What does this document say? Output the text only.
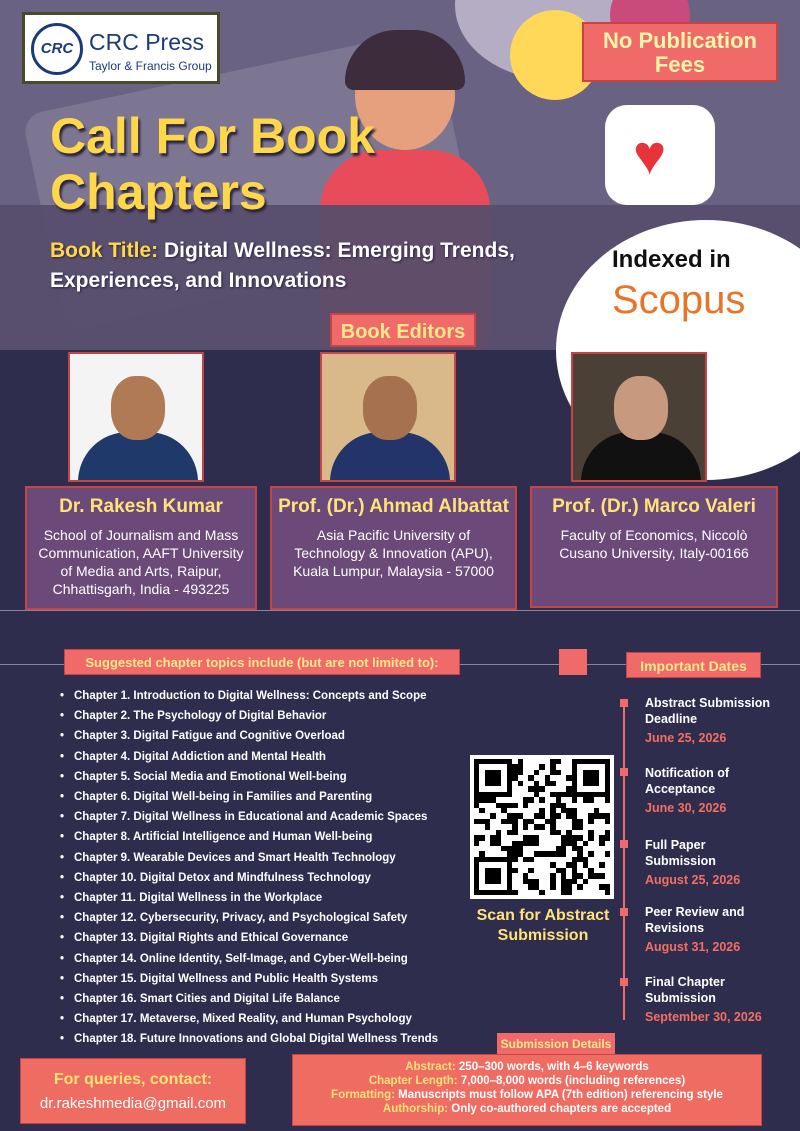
♥
CRC CRC Press
Taylor & Francis Group
No Publication
Fees
Call For Book
Chapters
Book Title: Digital Wellness: Emerging Trends, Experiences, and Innovations
Indexed in
Scopus
Book Editors
Dr. Rakesh Kumar
School of Journalism and Mass Communication, AAFT University of Media and Arts, Raipur, Chhattisgarh, India - 493225
Prof. (Dr.) Ahmad Albattat
Asia Pacific University of Technology & Innovation (APU), Kuala Lumpur, Malaysia - 57000
Prof. (Dr.) Marco Valeri
Faculty of Economics, Niccolò Cusano University, Italy-00166
Suggested chapter topics include (but are not limited to):
• Chapter 1. Introduction to Digital Wellness: Concepts and Scope
• Chapter 2. The Psychology of Digital Behavior
• Chapter 3. Digital Fatigue and Cognitive Overload
• Chapter 4. Digital Addiction and Mental Health
• Chapter 5. Social Media and Emotional Well-being
• Chapter 6. Digital Well-being in Families and Parenting
• Chapter 7. Digital Wellness in Educational and Academic Spaces
• Chapter 8. Artificial Intelligence and Human Well-being
• Chapter 9. Wearable Devices and Smart Health Technology
• Chapter 10. Digital Detox and Mindfulness Technology
• Chapter 11. Digital Wellness in the Workplace
• Chapter 12. Cybersecurity, Privacy, and Psychological Safety
• Chapter 13. Digital Rights and Ethical Governance
• Chapter 14. Online Identity, Self-Image, and Cyber-Well-being
• Chapter 15. Digital Wellness and Public Health Systems
• Chapter 16. Smart Cities and Digital Life Balance
• Chapter 17. Metaverse, Mixed Reality, and Human Psychology
• Chapter 18. Future Innovations and Global Digital Wellness Trends
Scan for Abstract
Submission
Important Dates
Abstract Submission
Deadline
June 25, 2026
Notification of
Acceptance
June 30, 2026
Full Paper
Submission
August 25, 2026
Peer Review and
Revisions
August 31, 2026
Final Chapter
Submission
September 30, 2026
Submission Details
Abstract: 250–300 words, with 4–6 keywords
Chapter Length: 7,000–8,000 words (including references)
Formatting: Manuscripts must follow APA (7th edition) referencing style
Authorship: Only co-authored chapters are accepted
For queries, contact:
dr.rakeshmedia@gmail.com
